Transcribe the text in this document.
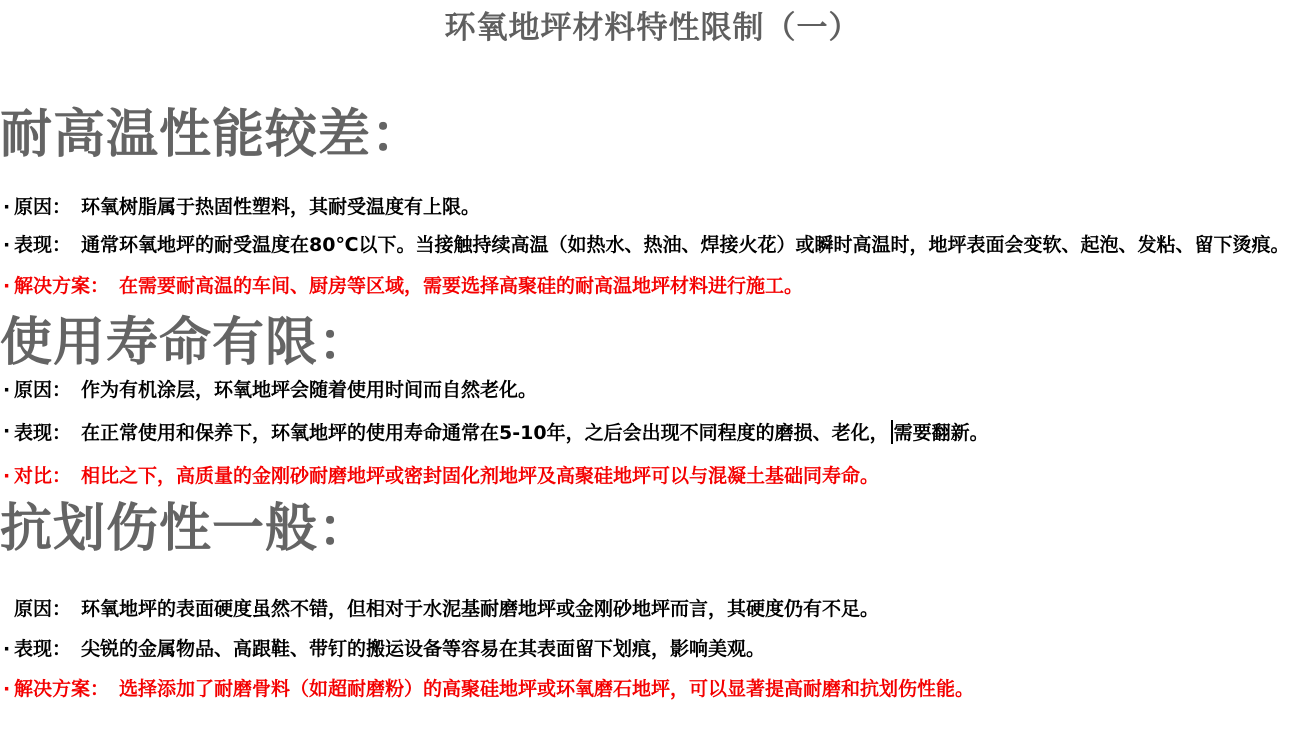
环氧地坪材料特性限制（一）
耐高温性能较差：

· 原因： 环氧树脂属于热固性塑料，其耐受温度有上限。

· 表现： 通常环氧地坪的耐受温度在80℃以下。当接触持续高温（如热水、热油、焊接火花）或瞬时高温时，地坪表面会变软、起泡、发粘、留下烫痕。

· 解决方案： 在需要耐高温的车间、厨房等区域，需要选择高聚硅的耐高温地坪材料进行施工。

使用寿命有限：

· 原因： 作为有机涂层，环氧地坪会随着使用时间而自然老化。

· 表现： 在正常使用和保养下，环氧地坪的使用寿命通常在5-10年，之后会出现不同程度的磨损、老化， 需要翻新。

· 对比： 相比之下，高质量的金刚砂耐磨地坪或密封固化剂地坪及高聚硅地坪可以与混凝土基础同寿命。

抗划伤性一般：

原因： 环氧地坪的表面硬度虽然不错，但相对于水泥基耐磨地坪或金刚砂地坪而言，其硬度仍有不足。

· 表现： 尖锐的金属物品、高跟鞋、带钉的搬运设备等容易在其表面留下划痕，影响美观。

· 解决方案： 选择添加了耐磨骨料（如超耐磨粉）的高聚硅地坪或环氧磨石地坪，可以显著提高耐磨和抗划伤性能。
